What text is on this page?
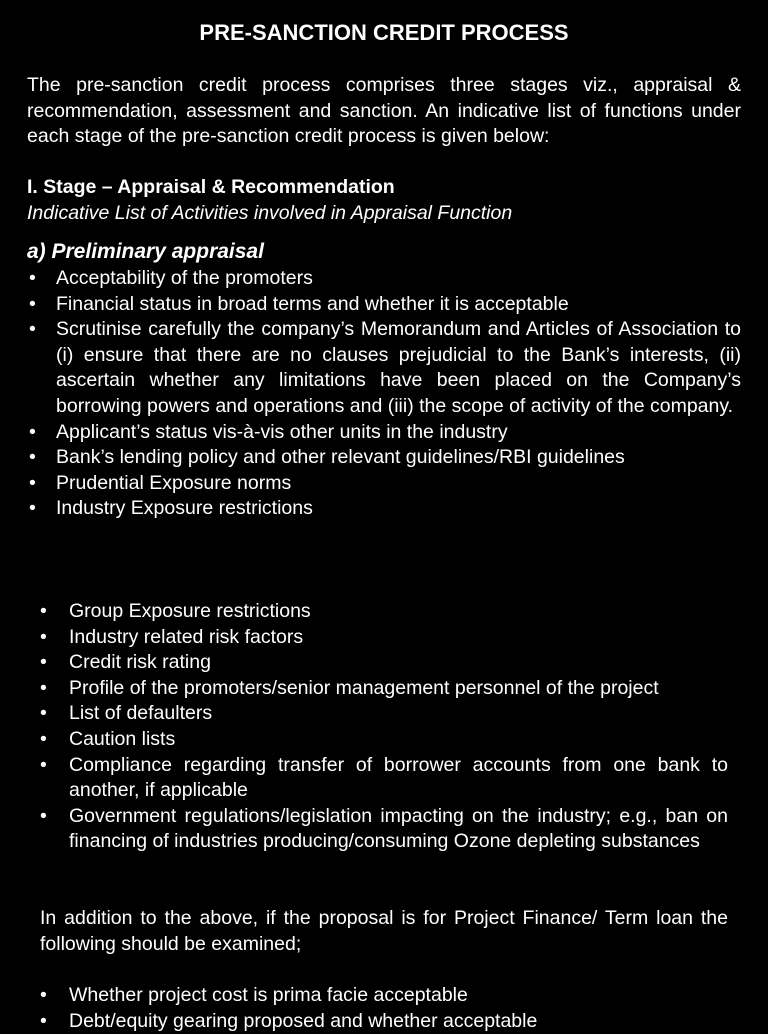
PRE-SANCTION CREDIT PROCESS

The pre-sanction credit process comprises three stages viz., appraisal & recommendation, assessment and sanction. An indicative list of functions under each stage of the pre-sanction credit process is given below:

I. Stage – Appraisal & Recommendation

Indicative List of Activities involved in Appraisal Function

a) Preliminary appraisal

• Acceptability of the promoters
• Financial status in broad terms and whether it is acceptable
• Scrutinise carefully the company’s Memorandum and Articles of Association to (i) ensure that there are no clauses prejudicial to the Bank’s interests, (ii) ascertain whether any limitations have been placed on the Company’s borrowing powers and operations and (iii) the scope of activity of the company.
• Applicant’s status vis-à-vis other units in the industry
• Bank’s lending policy and other relevant guidelines/RBI guidelines
• Prudential Exposure norms
• Industry Exposure restrictions
• Group Exposure restrictions
• Industry related risk factors
• Credit risk rating
• Profile of the promoters/senior management personnel of the project
• List of defaulters
• Caution lists
• Compliance regarding transfer of borrower accounts from one bank to another, if applicable
• Government regulations/legislation impacting on the industry; e.g., ban on financing of industries producing/consuming Ozone depleting substances

In addition to the above, if the proposal is for Project Finance/ Term loan the following should be examined;

• Whether project cost is prima facie acceptable
• Debt/equity gearing proposed and whether acceptable
